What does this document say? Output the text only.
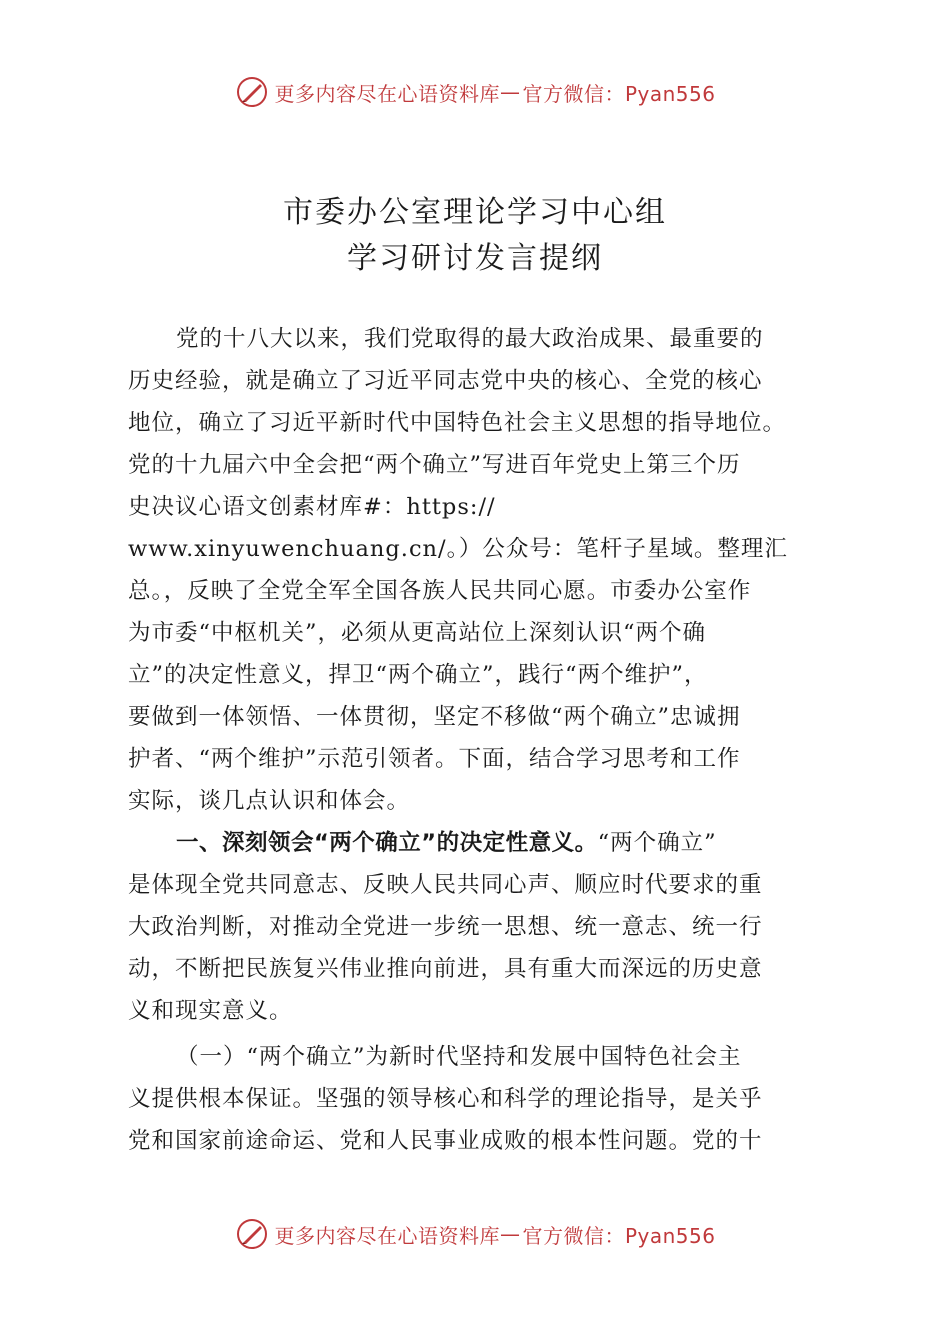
更多内容尽在心语资料库 — 官方微信：Pyan556
市委办公室理论学习中心组
学习研讨发言提纲
党的十八大以来，我们党取得的最大政治成果、最重要的
历史经验，就是确立了习近平同志党中央的核心、全党的核心
地位，确立了习近平新时代中国特色社会主义思想的指导地位。
党的十九届六中全会把“两个确立”写进百年党史上第三个历
史决议心语文创素材库#：https://
www.xinyuwenchuang.cn/。）公众号：笔杆子星域。整理汇
总。，反映了全党全军全国各族人民共同心愿。市委办公室作
为市委“中枢机关”，必须从更高站位上深刻认识“两个确
立”的决定性意义，捍卫“两个确立”，践行“两个维护”，
要做到一体领悟、一体贯彻，坚定不移做“两个确立”忠诚拥
护者、“两个维护”示范引领者。下面，结合学习思考和工作
实际，谈几点认识和体会。
一、深刻领会“两个确立”的决定性意义。“两个确立”
是体现全党共同意志、反映人民共同心声、顺应时代要求的重
大政治判断，对推动全党进一步统一思想、统一意志、统一行
动，不断把民族复兴伟业推向前进，具有重大而深远的历史意
义和现实意义。
（一）“两个确立”为新时代坚持和发展中国特色社会主
义提供根本保证。坚强的领导核心和科学的理论指导，是关乎
党和国家前途命运、党和人民事业成败的根本性问题。党的十
更多内容尽在心语资料库 — 官方微信：Pyan556
